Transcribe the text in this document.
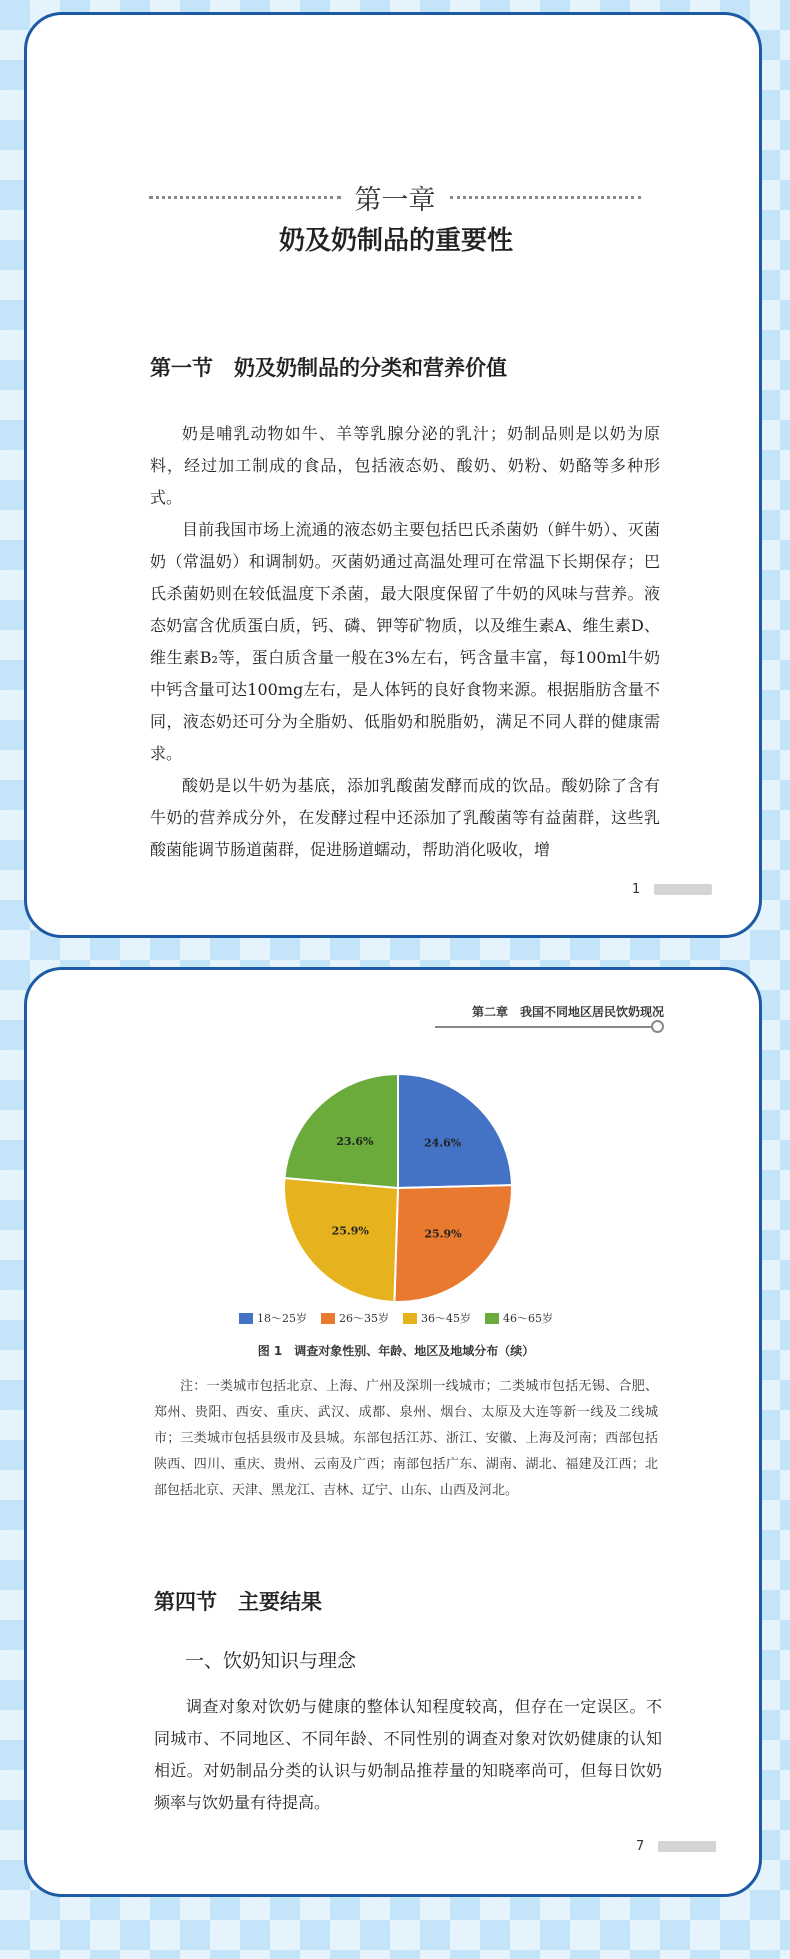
第一章
奶及奶制品的重要性
第一节　奶及奶制品的分类和营养价值

奶是哺乳动物如牛、羊等乳腺分泌的乳汁；奶制品则是以奶为原料，经过加工制成的食品，包括液态奶、酸奶、奶粉、奶酪等多种形式。

目前我国市场上流通的液态奶主要包括巴氏杀菌奶（鲜牛奶）、灭菌奶（常温奶）和调制奶。灭菌奶通过高温处理可在常温下长期保存；巴氏杀菌奶则在较低温度下杀菌，最大限度保留了牛奶的风味与营养。液态奶富含优质蛋白质，钙、磷、钾等矿物质，以及维生素A、维生素D、维生素B₂等，蛋白质含量一般在3%左右，钙含量丰富，每100ml牛奶中钙含量可达100mg左右，是人体钙的良好食物来源。根据脂肪含量不同，液态奶还可分为全脂奶、低脂奶和脱脂奶，满足不同人群的健康需求。

酸奶是以牛奶为基底，添加乳酸菌发酵而成的饮品。酸奶除了含有牛奶的营养成分外，在发酵过程中还添加了乳酸菌等有益菌群，这些乳酸菌能调节肠道菌群，促进肠道蠕动，帮助消化吸收，增

1
第二章　我国不同地区居民饮奶现况
24.6%
25.9%
25.9%
23.6%
18～25岁	26～35岁	36～45岁	46～65岁
图 1　调查对象性别、年龄、地区及地域分布（续）

注：一类城市包括北京、上海、广州及深圳一线城市；二类城市包括无锡、合肥、郑州、贵阳、西安、重庆、武汉、成都、泉州、烟台、太原及大连等新一线及二线城市；三类城市包括县级市及县城。东部包括江苏、浙江、安徽、上海及河南；西部包括陕西、四川、重庆、贵州、云南及广西；南部包括广东、湖南、湖北、福建及江西；北部包括北京、天津、黑龙江、吉林、辽宁、山东、山西及河北。

第四节　主要结果
一、饮奶知识与理念

调查对象对饮奶与健康的整体认知程度较高，但存在一定误区。不同城市、不同地区、不同年龄、不同性别的调查对象对饮奶健康的认知相近。对奶制品分类的认识与奶制品推荐量的知晓率尚可，但每日饮奶频率与饮奶量有待提高。

7
